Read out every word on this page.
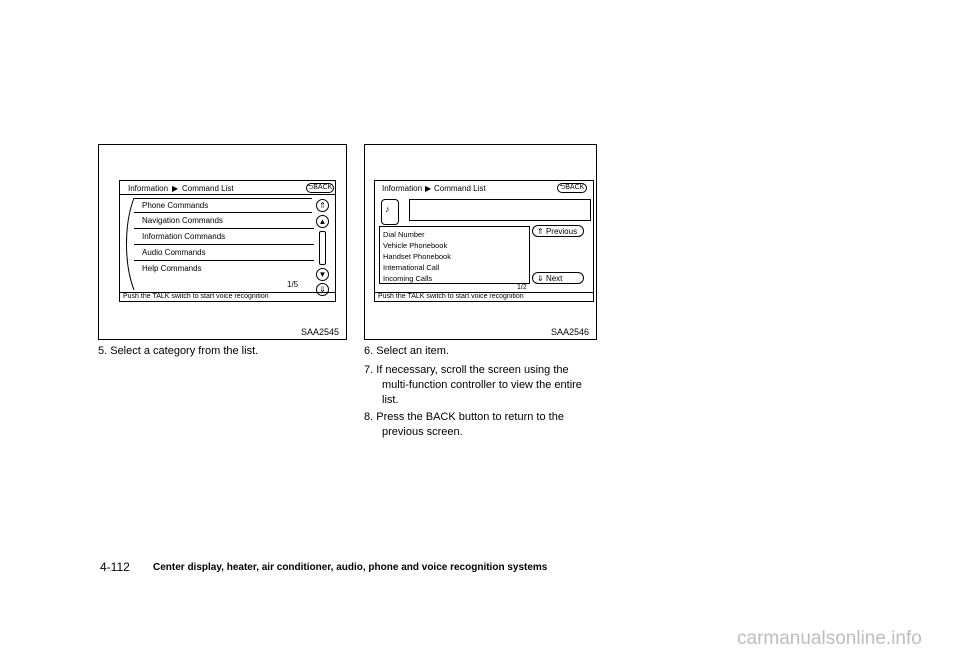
Information ▶ Command List	⮌BACK
Phone Commands
Navigation Commands
Information Commands
Audio Commands
Help Commands
⇑
▲
▼
⇓
1/5
Push the TALK switch to start voice recognition
SAA2545
Information ▶ Command List	⮌BACK
♪
Dial Number
Vehicle Phonebook
Handset Phonebook
International Call
Incoming Calls
1/2
⇑ Previous
⇓ Next
Push the TALK switch to start voice recognition
SAA2546
5. Select a category from the list.	6. Select an item.
7. If necessary, scroll the screen using the
multi-function controller to view the entire
list.
8. Press the BACK button to return to the
previous screen.
4-112 Center display, heater, air conditioner, audio, phone and voice recognition systems
carmanualsonline.info
